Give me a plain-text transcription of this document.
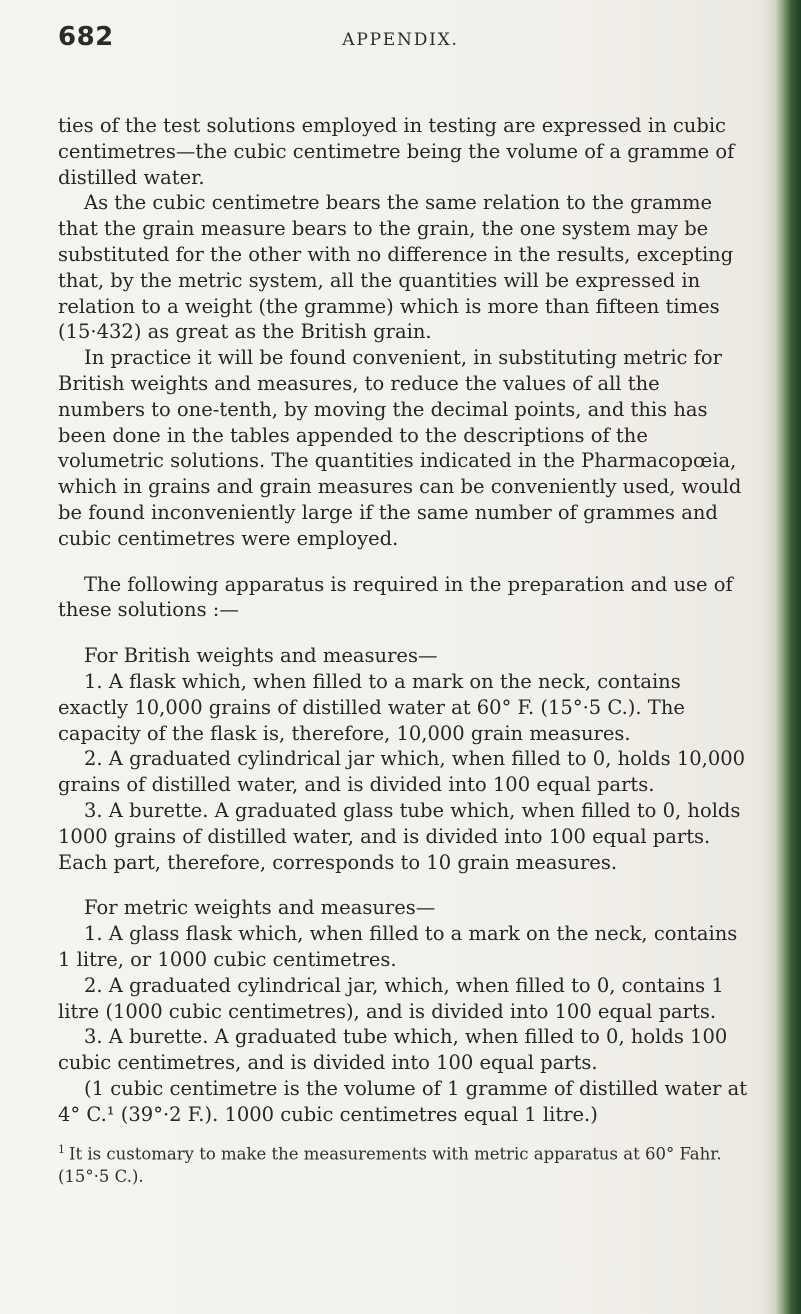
682	APPENDIX.

ties of the test solutions employed in testing are expressed in cubic centimetres—the cubic centimetre being the volume of a gramme of distilled water.

As the cubic centimetre bears the same relation to the gramme that the grain measure bears to the grain, the one system may be substituted for the other with no difference in the results, excepting that, by the metric system, all the quantities will be expressed in relation to a weight (the gramme) which is more than fifteen times (15·432) as great as the British grain.

In practice it will be found convenient, in substituting metric for British weights and measures, to reduce the values of all the numbers to one-tenth, by moving the decimal points, and this has been done in the tables appended to the descriptions of the volumetric solutions. The quantities indicated in the Pharmacopœia, which in grains and grain measures can be conveniently used, would be found inconveniently large if the same number of grammes and cubic centimetres were employed.

The following apparatus is required in the preparation and use of these solutions :—

For British weights and measures—

1. A flask which, when filled to a mark on the neck, contains exactly 10,000 grains of distilled water at 60° F. (15°·5 C.). The capacity of the flask is, therefore, 10,000 grain measures.

2. A graduated cylindrical jar which, when filled to 0, holds 10,000 grains of distilled water, and is divided into 100 equal parts.

3. A burette. A graduated glass tube which, when filled to 0, holds 1000 grains of distilled water, and is divided into 100 equal parts. Each part, therefore, corresponds to 10 grain measures.

For metric weights and measures—

1. A glass flask which, when filled to a mark on the neck, contains 1 litre, or 1000 cubic centimetres.

2. A graduated cylindrical jar, which, when filled to 0, contains 1 litre (1000 cubic centimetres), and is divided into 100 equal parts.

3. A burette. A graduated tube which, when filled to 0, holds 100 cubic centimetres, and is divided into 100 equal parts.

(1 cubic centimetre is the volume of 1 gramme of distilled water at 4° C.¹ (39°·2 F.). 1000 cubic centimetres equal 1 litre.)

$^1$ It is customary to make the measurements with metric apparatus at 60° Fahr. (15°·5 C.).
